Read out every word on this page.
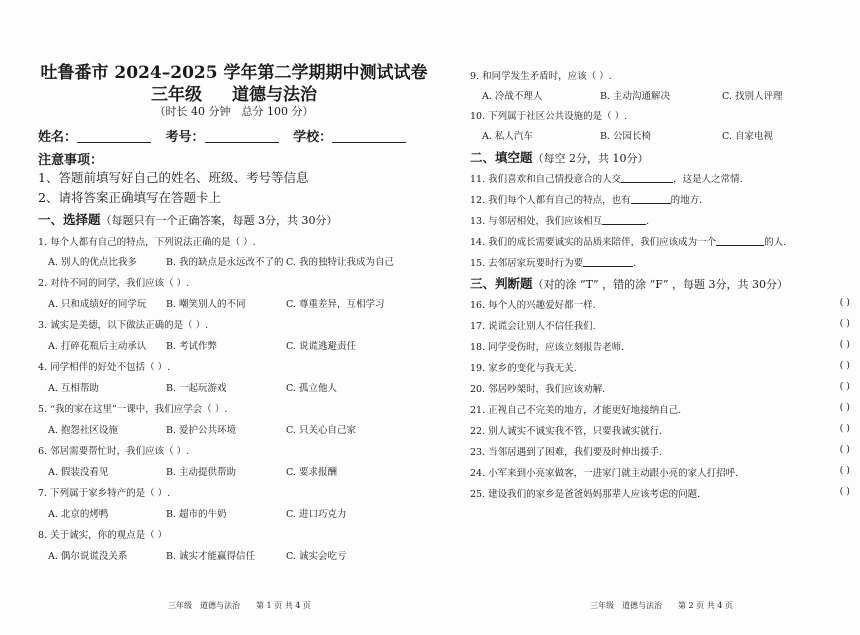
吐鲁番市 2024–2025 学年第二学期期中测试试卷
三年级 道德与法治
（时长 40 分钟　总分 100 分）
姓名：	考号：	学校：
注意事项：
1、答题前填写好自己的姓名、班级、考号等信息
2、请将答案正确填写在答题卡上
一、选择题（每题只有一个正确答案，每题 3分，共 30分）
1. 每个人都有自己的特点，下列说法正确的是（ ）.
A. 别人的优点比我多	B. 我的缺点是永远改不了的 C. 我的独特让我成为自己
2. 对待不同的同学，我们应该（ ）.
A. 只和成绩好的同学玩 B. 嘲笑别人的不同	C. 尊重差异，互相学习
3. 诚实是美德，以下做法正确的是（ ）.
A. 打碎花瓶后主动承认 B. 考试作弊	C. 说谎逃避责任
4. 同学相伴的好处不包括（ ）.
A. 互相帮助	B. 一起玩游戏	C. 孤立他人
5. “我的家在这里”一课中，我们应学会（ ）.
A. 抱怨社区设施	B. 爱护公共环境	C. 只关心自己家
6. 邻居需要帮忙时，我们应该（ ）.
A. 假装没看见	B. 主动提供帮助	C. 要求报酬
7. 下列属于家乡特产的是（ ）.
A. 北京的烤鸭	B. 超市的牛奶	C. 进口巧克力
8. 关于诚实，你的观点是（ ）
A. 偶尔说谎没关系	B. 诚实才能赢得信任	C. 诚实会吃亏
三年级　道德与法治　　第 1 页 共 4 页
9. 和同学发生矛盾时，应该（ ）.
A. 冷战不理人	B. 主动沟通解决	C. 找别人评理
10. 下列属于社区公共设施的是（ ）.
A. 私人汽车	B. 公园长椅	C. 自家电视
二、填空题（每空 2分，共 10分）
11. 我们喜欢和自己情投意合的人交	，这是人之常情.
12. 我们每个人都有自己的特点，也有	的地方.
13. 与邻居相处，我们应该相互	.
14. 我们的成长需要诚实的品质来陪伴，我们应该成为一个	的人.
15. 去邻居家玩要时行为要	.
三、判断题（对的涂 “T” ，错的涂 “F” ，每题 3分，共 30分）
16. 每个人的兴趣爱好都一样.	( )
17. 说谎会让别人不信任我们.	( )
18. 同学受伤时，应该立刻报告老师.	( )
19. 家乡的变化与我无关.	( )
20. 邻居吵架时，我们应该劝解.	( )
21. 正视自己不完美的地方，才能更好地接纳自己.	( )
22. 别人诚实不诚实我不管，只要我诚实就行.	( )
23. 当邻居遇到了困难，我们要及时伸出援手.	( )
24. 小军来到小亮家做客，一进家门就主动跟小亮的家人打招呼.	( )
25. 建设我们的家乡是爸爸妈妈那辈人应该考虑的问题.	( )
三年级　道德与法治　　第 2 页 共 4 页
